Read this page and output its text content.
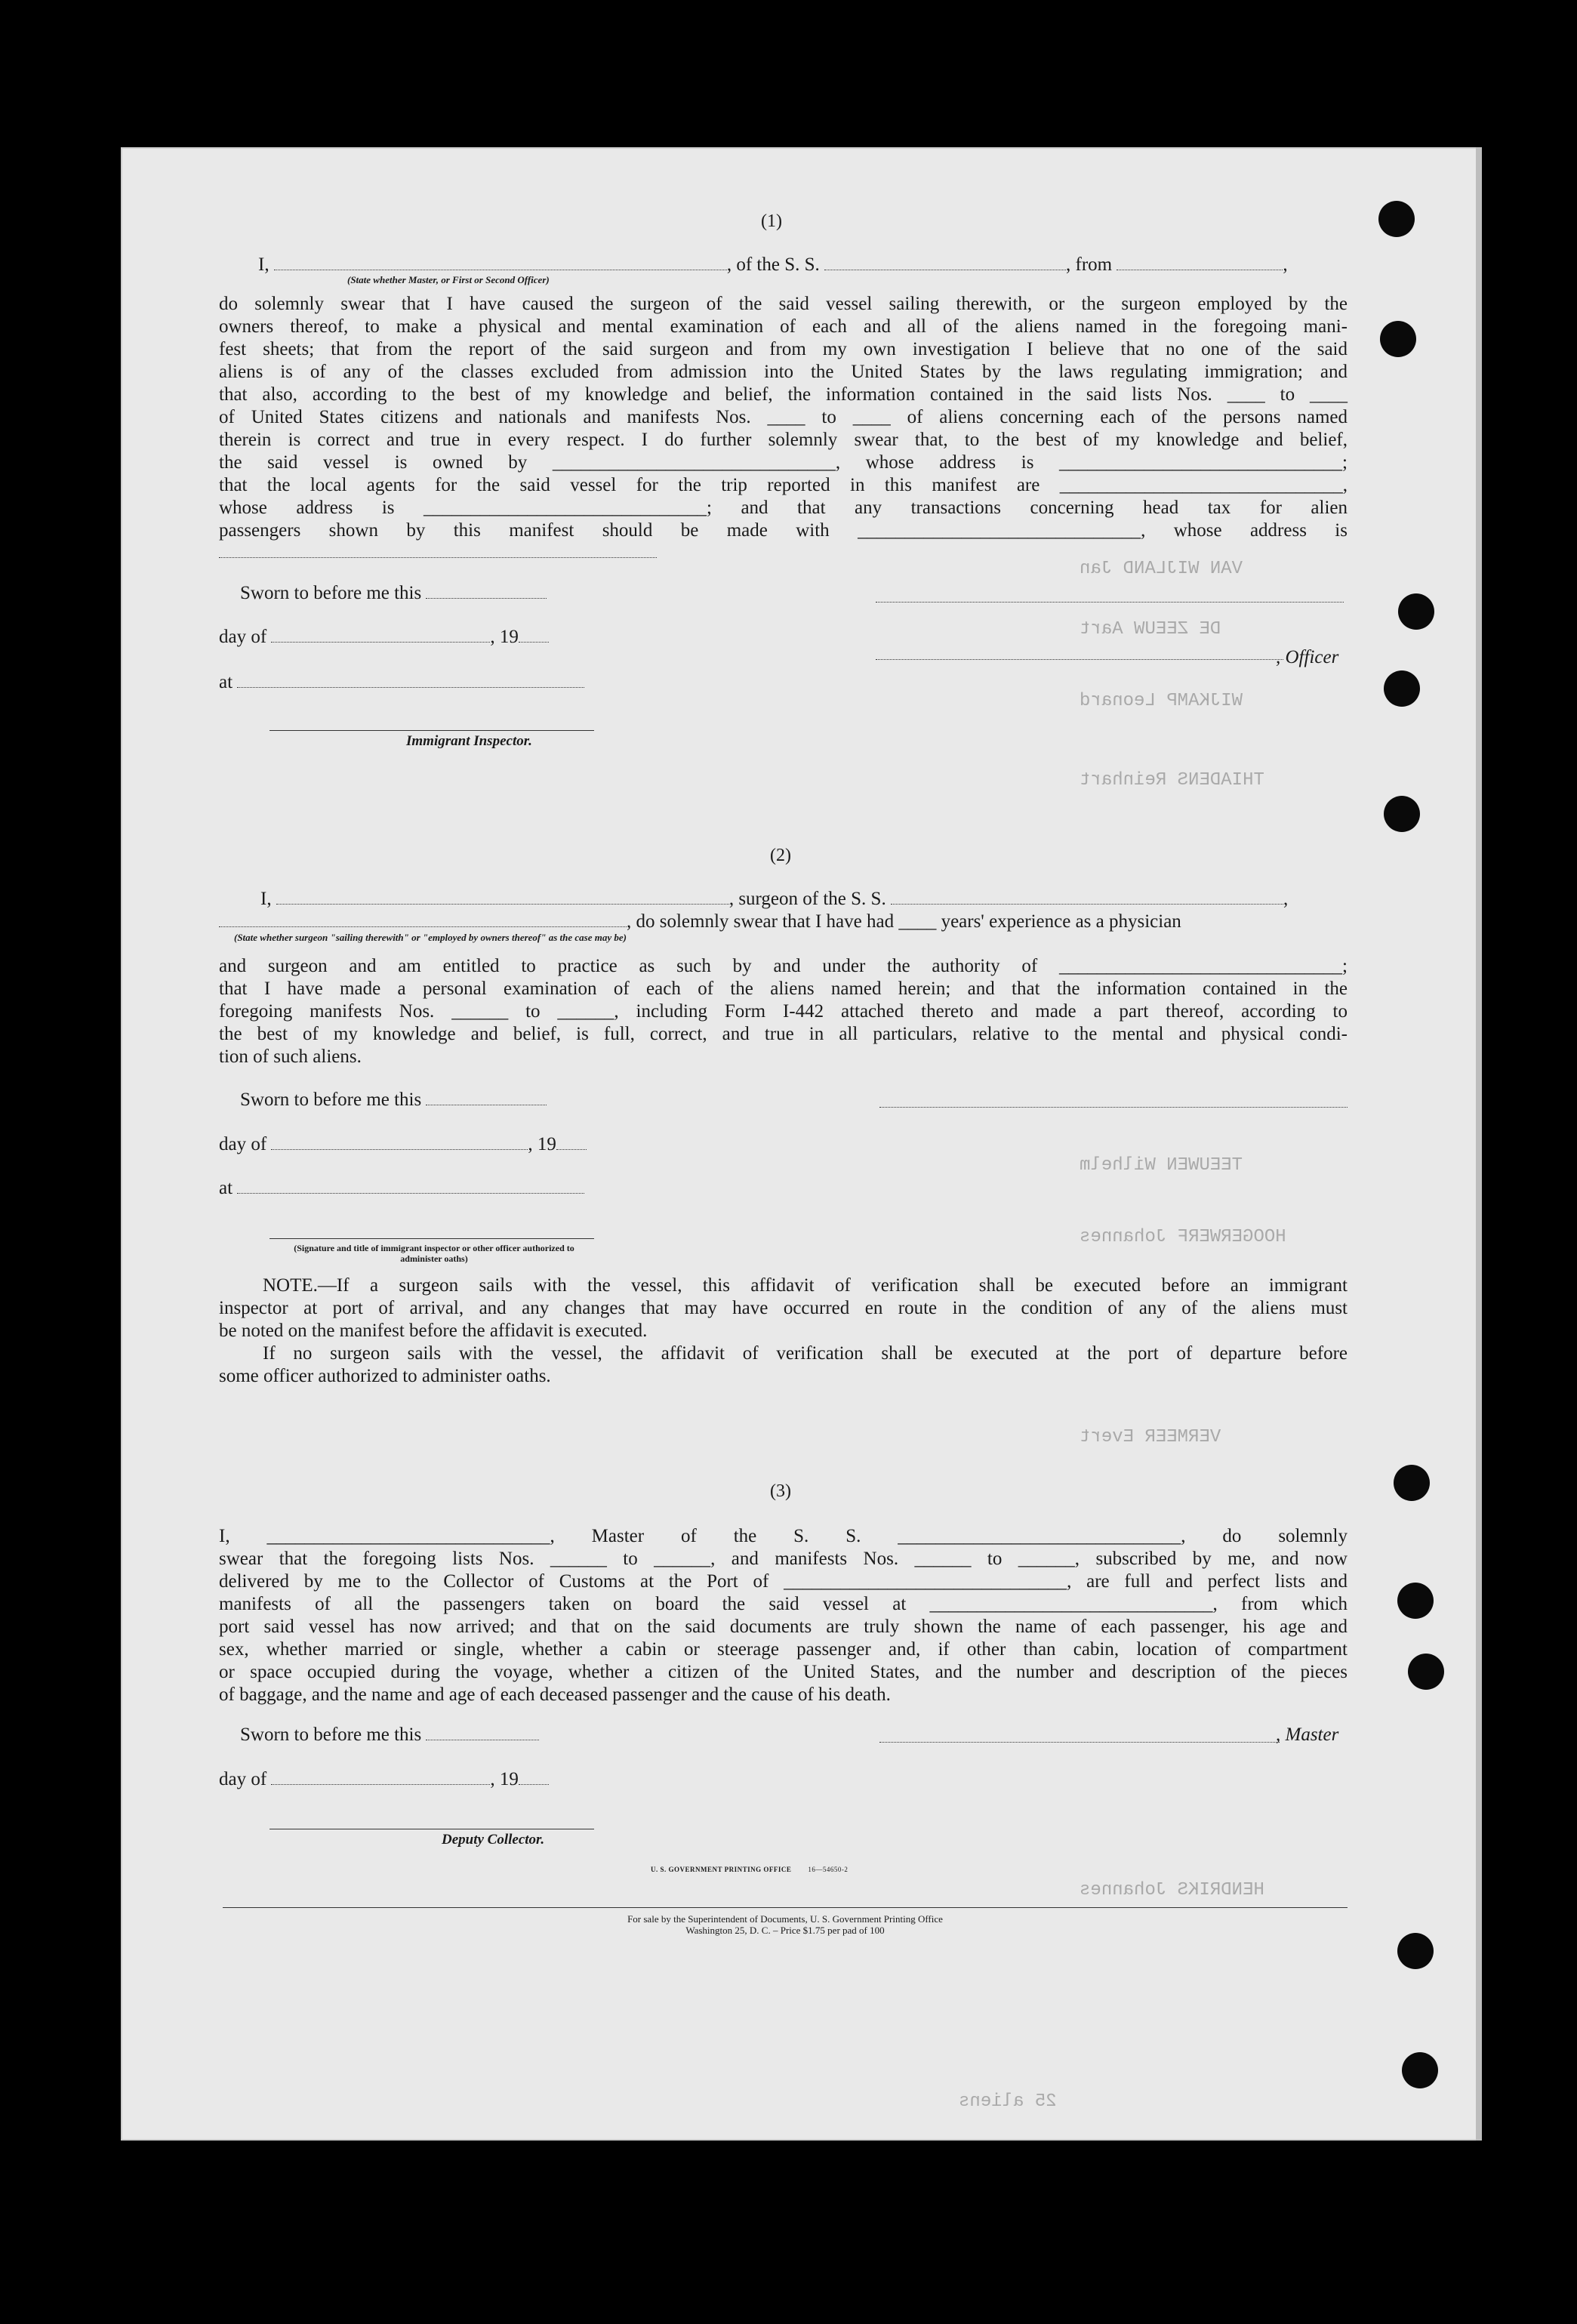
VAN WIJLAND Jan
DE ZEEUW Aart
WIJKAMP Leonard
THIADENS Reinhart
TEEUWEN Wilhelm
HOOGERWERF Johannes
VERMEER Evert
HENDRIKS Johannes
25 aliens
(1)
I,	, of the S. S.	, from	,
(State whether Master, or First or Second Officer)
do solemnly swear that I have caused the surgeon of the said vessel sailing therewith, or the surgeon employed by the
owners thereof, to make a physical and mental examination of each and all of the aliens named in the foregoing mani-
fest sheets; that from the report of the said surgeon and from my own investigation I believe that no one of the said
aliens is of any of the classes excluded from admission into the United States by the laws regulating immigration; and
that also, according to the best of my knowledge and belief, the information contained in the said lists Nos. ____ to ____
of United States citizens and nationals and manifests Nos. ____ to ____ of aliens concerning each of the persons named
therein is correct and true in every respect. I do further solemnly swear that, to the best of my knowledge and belief,
the said vessel is owned by ______________________________, whose address is ______________________________;
that the local agents for the said vessel for the trip reported in this manifest are ______________________________,
whose address is ______________________________; and that any transactions concerning head tax for alien
passengers shown by this manifest should be made with ______________________________, whose address is
Sworn to before me this
day of	, 19
, Officer
at
Immigrant Inspector.
(2)
I,	, surgeon of the S. S.	,
, do solemnly swear that I have had ____ years' experience as a physician
(State whether surgeon "sailing therewith" or "employed by owners thereof" as the case may be)
and surgeon and am entitled to practice as such by and under the authority of ______________________________;
that I have made a personal examination of each of the aliens named herein; and that the information contained in the
foregoing manifests Nos. ______ to ______, including Form I-442 attached thereto and made a part thereof, according to
the best of my knowledge and belief, is full, correct, and true in all particulars, relative to the mental and physical condi-
tion of such aliens.
Sworn to before me this
day of	, 19
at
(Signature and title of immigrant inspector or other officer authorized to administer oaths)
NOTE.—If a surgeon sails with the vessel, this affidavit of verification shall be executed before an immigrant
inspector at port of arrival, and any changes that may have occurred en route in the condition of any of the aliens must
be noted on the manifest before the affidavit is executed.
If no surgeon sails with the vessel, the affidavit of verification shall be executed at the port of departure before
some officer authorized to administer oaths.
(3)
I, ______________________________, Master of the S. S. ______________________________, do solemnly
swear that the foregoing lists Nos. ______ to ______, and manifests Nos. ______ to ______, subscribed by me, and now
delivered by me to the Collector of Customs at the Port of ______________________________, are full and perfect lists and
manifests of all the passengers taken on board the said vessel at ______________________________, from which
port said vessel has now arrived; and that on the said documents are truly shown the name of each passenger, his age and
sex, whether married or single, whether a cabin or steerage passenger and, if other than cabin, location of compartment
or space occupied during the voyage, whether a citizen of the United States, and the number and description of the pieces
of baggage, and the name and age of each deceased passenger and the cause of his death.
Sworn to before me this	, Master
day of	, 19
Deputy Collector.
U. S. GOVERNMENT PRINTING OFFICE 16—54650-2
For sale by the Superintendent of Documents, U. S. Government Printing Office
Washington 25, D. C. – Price $1.75 per pad of 100
